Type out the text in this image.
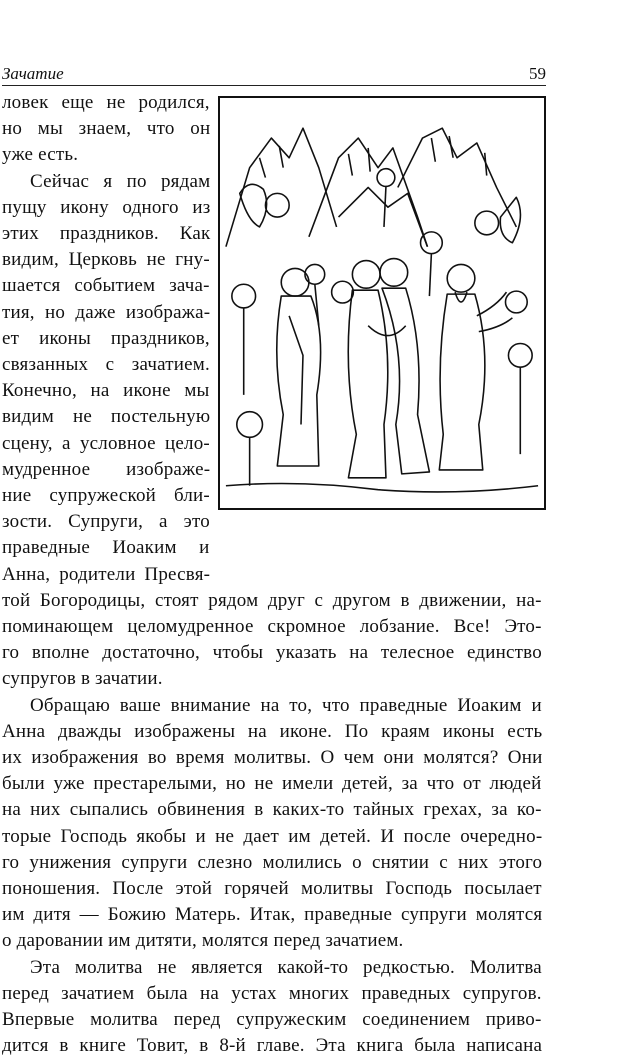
Зачатие	59
ловек еще не родился,
но мы знаем, что он
уже есть.
Сейчас я по рядам
пущу икону одного из
этих праздников. Как
видим, Церковь не гну-
шается событием зача-
тия, но даже изобража-
ет иконы праздников,
связанных с зачатием.
Конечно, на иконе мы
видим не постельную
сцену, а условное цело-
мудренное изображе-
ние супружеской бли-
зости. Супруги, а это
праведные Иоаким и
Анна, родители Пресвя-
той Богородицы, стоят рядом друг с другом в движении, на-
поминающем целомудренное скромное лобзание. Все! Это-
го вполне достаточно, чтобы указать на телесное единство
супругов в зачатии.
Обращаю ваше внимание на то, что праведные Иоаким и
Анна дважды изображены на иконе. По краям иконы есть
их изображения во время молитвы. О чем они молятся? Они
были уже престарелыми, но не имели детей, за что от людей
на них сыпались обвинения в каких-то тайных грехах, за ко-
торые Господь якобы и не дает им детей. И после очередно-
го унижения супруги слезно молились о снятии с них этого
поношения. После этой горячей молитвы Господь посылает
им дитя — Божию Матерь. Итак, праведные супруги молятся
о даровании им дитяти, молятся перед зачатием.
Эта молитва не является какой-то редкостью. Молитва
перед зачатием была на устах многих праведных супругов.
Впервые молитва перед супружеским соединением приво-
дится в книге Товит, в 8-й главе. Эта книга была написана
